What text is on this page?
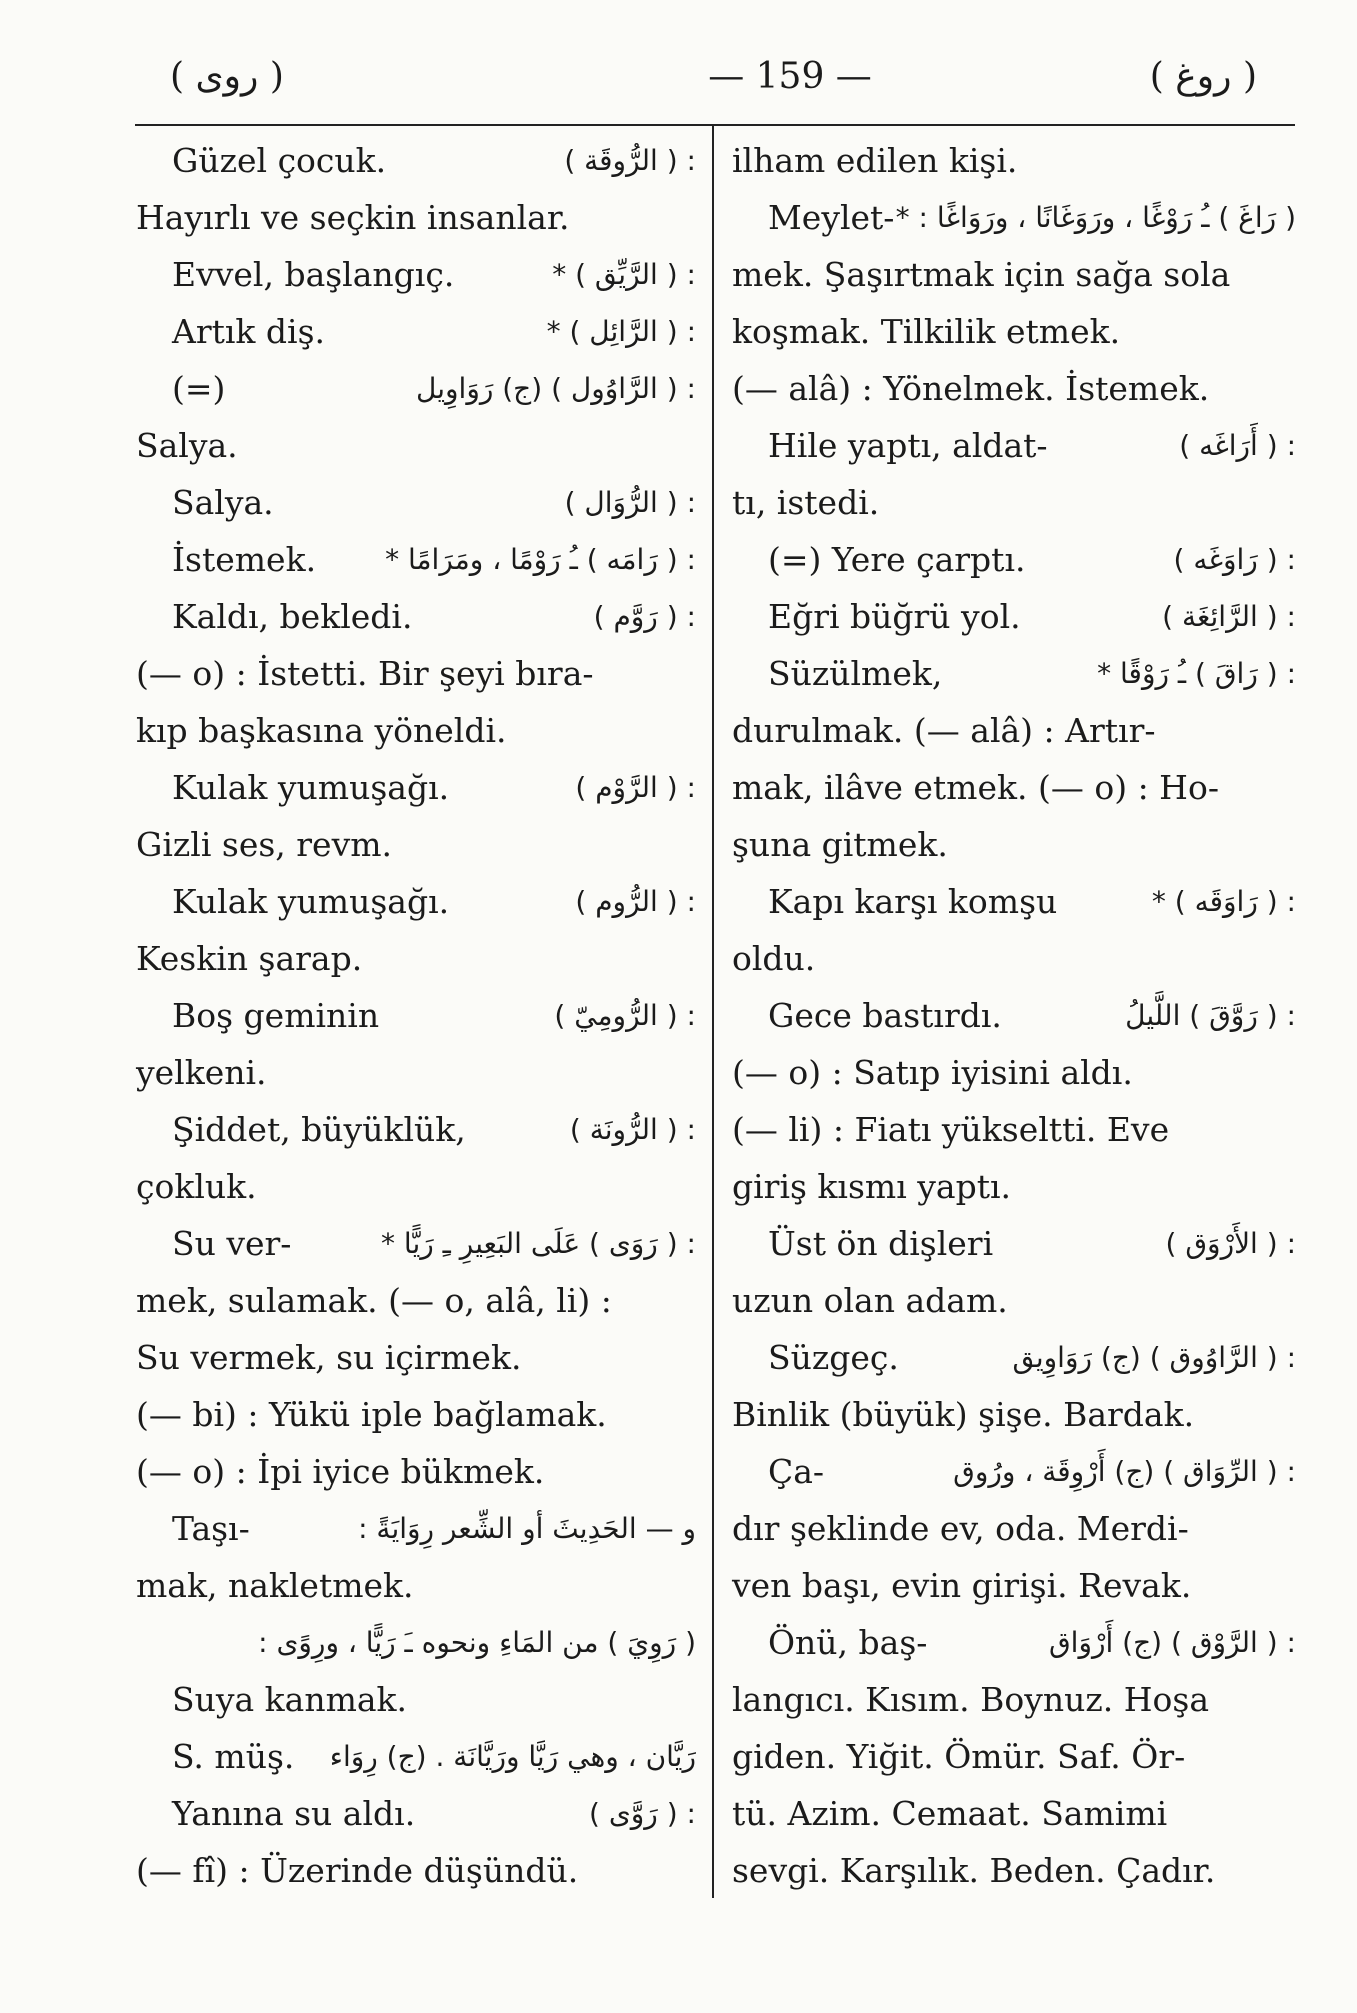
( روى )	— 159 —	( روغ )
Güzel çocuk.	: ( الرُّوقَة )
Hayırlı ve seçkin insanlar.
Evvel, başlangıç.	: ( الرَّيِّق ) *
Artık diş.	: ( الرَّائِل ) *
(=)	: ( الرَّاوُول ) (ج) رَوَاوِيل
Salya.
Salya.	: ( الرُّوَال )
İstemek. : ( رَامَه ) ـُ رَوْمًا ، ومَرَامًا *
Kaldı, bekledi.	: ( رَوَّم )
(— o) : İstetti. Bir şeyi bıra-
kıp başkasına yöneldi.
Kulak yumuşağı.	: ( الرَّوْم )
Gizli ses, revm.
Kulak yumuşağı.	: ( الرُّوم )
Keskin şarap.
Boş geminin	: ( الرُّومِيّ )
yelkeni.
Şiddet, büyüklük,	: ( الرُّونَة )
çokluk.
Su ver-	: ( رَوَى ) عَلَى البَعِيرِ ـِ رَيًّا *
mek, sulamak. (— o, alâ, li) :
Su vermek, su içirmek.
(— bi) : Yükü iple bağlamak.
(— o) : İpi iyice bükmek.
Taşı-	و — الحَدِيثَ أو الشِّعر رِوَايَةً :
mak, nakletmek.
( رَوِيَ ) من المَاءِ ونحوه ـَ رَيًّا ، ورِوًى :
Suya kanmak.
S. müş. رَيَّان ، وهي رَيَّا ورَيَّانَة . (ج) رِوَاء
Yanına su aldı.	: ( رَوَّى )
(— fî) : Üzerinde düşündü.
ilham edilen kişi.
Meylet- ( رَاغَ ) ـُ رَوْغًا ، ورَوَغَانًا ، ورَوَاغًا : *
mek. Şaşırtmak için sağa sola
koşmak. Tilkilik etmek.
(— alâ) : Yönelmek. İstemek.
Hile yaptı, aldat-	: ( أَرَاغَه )
tı, istedi.
(=) Yere çarptı.	: ( رَاوَغَه )
Eğri büğrü yol.	: ( الرَّائِغَة )
Süzülmek,	: ( رَاقَ ) ـُ رَوْقًا *
durulmak. (— alâ) : Artır-
mak, ilâve etmek. (— o) : Ho-
şuna gitmek.
Kapı karşı komşu	: ( رَاوَقَه ) *
oldu.
Gece bastırdı.	: ( رَوَّقَ ) اللَّيلُ
(— o) : Satıp iyisini aldı.
(— li) : Fiatı yükseltti. Eve
giriş kısmı yaptı.
Üst ön dişleri	: ( الأَرْوَق )
uzun olan adam.
Süzgeç.	: ( الرَّاوُوق ) (ج) رَوَاوِيق
Binlik (büyük) şişe. Bardak.
Ça-	: ( الرِّوَاق ) (ج) أَرْوِقَة ، ورُوق
dır şeklinde ev, oda. Merdi-
ven başı, evin girişi. Revak.
Önü, baş-	: ( الرَّوْق ) (ج) أَرْوَاق
langıcı. Kısım. Boynuz. Hoşa
giden. Yiğit. Ömür. Saf. Ör-
tü. Azim. Cemaat. Samimi
sevgi. Karşılık. Beden. Çadır.
